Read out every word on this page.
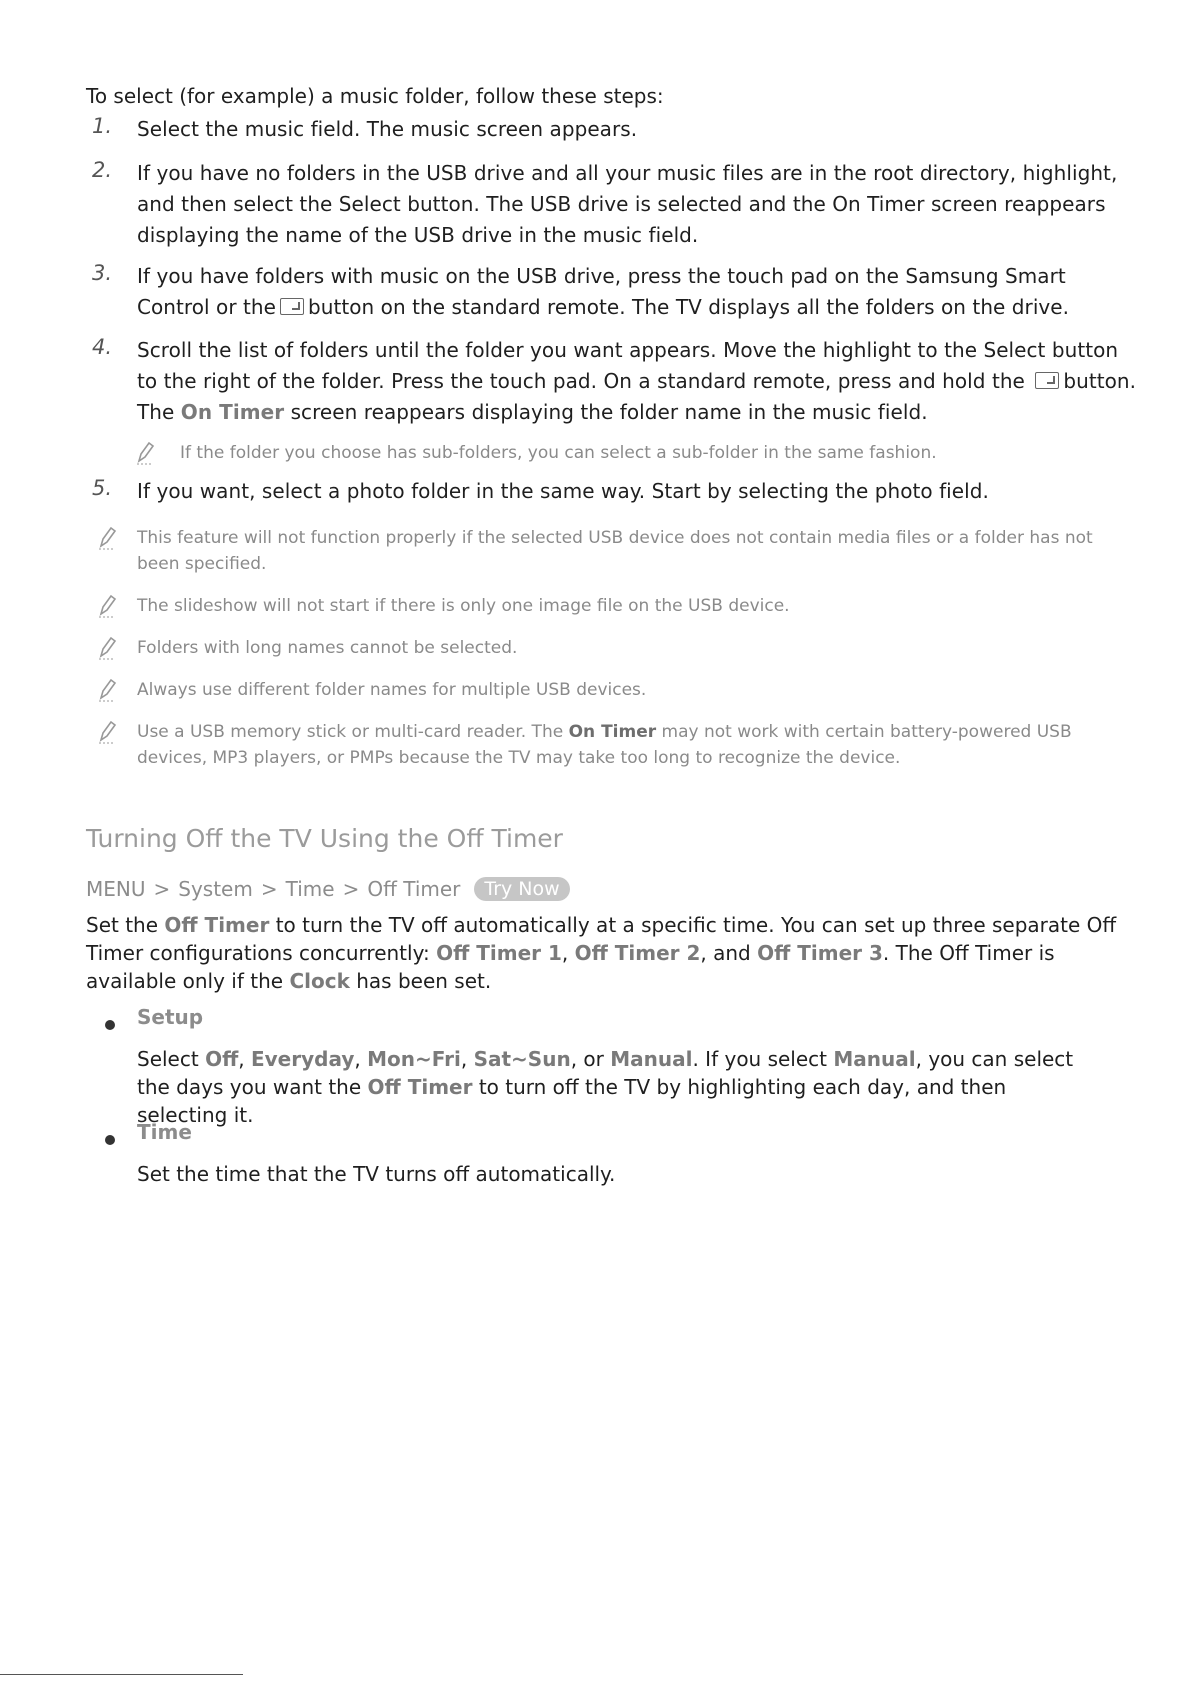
To select (for example) a music folder, follow these steps:
1.	Select the music field. The music screen appears.
2.	If you have no folders in the USB drive and all your music files are in the root directory, highlight, and then select the Select button. The USB drive is selected and the On Timer screen reappears displaying the name of the USB drive in the music field.
3.	If you have folders with music on the USB drive, press the touch pad on the Samsung Smart Control or the button on the standard remote. The TV displays all the folders on the drive.
4.	Scroll the list of folders until the folder you want appears. Move the highlight to the Select button to the right of the folder. Press the touch pad. On a standard remote, press and hold the button. The On Timer screen reappears displaying the folder name in the music field.
If the folder you choose has sub-folders, you can select a sub-folder in the same fashion.
5.	If you want, select a photo folder in the same way. Start by selecting the photo field.
This feature will not function properly if the selected USB device does not contain media files or a folder has not been specified.
The slideshow will not start if there is only one image file on the USB device.
Folders with long names cannot be selected.
Always use different folder names for multiple USB devices.
Use a USB memory stick or multi-card reader. The On Timer may not work with certain battery-powered USB devices, MP3 players, or PMPs because the TV may take too long to recognize the device.
Turning Off the TV Using the Off Timer
MENU > System > Time > Off Timer	Try Now
Set the Off Timer to turn the TV off automatically at a specific time. You can set up three separate Off Timer configurations concurrently: Off Timer 1, Off Timer 2, and Off Timer 3. The Off Timer is available only if the Clock has been set.
Setup
Select Off, Everyday, Mon~Fri, Sat~Sun, or Manual. If you select Manual, you can select the days you want the Off Timer to turn off the TV by highlighting each day, and then selecting it.
Time
Set the time that the TV turns off automatically.
